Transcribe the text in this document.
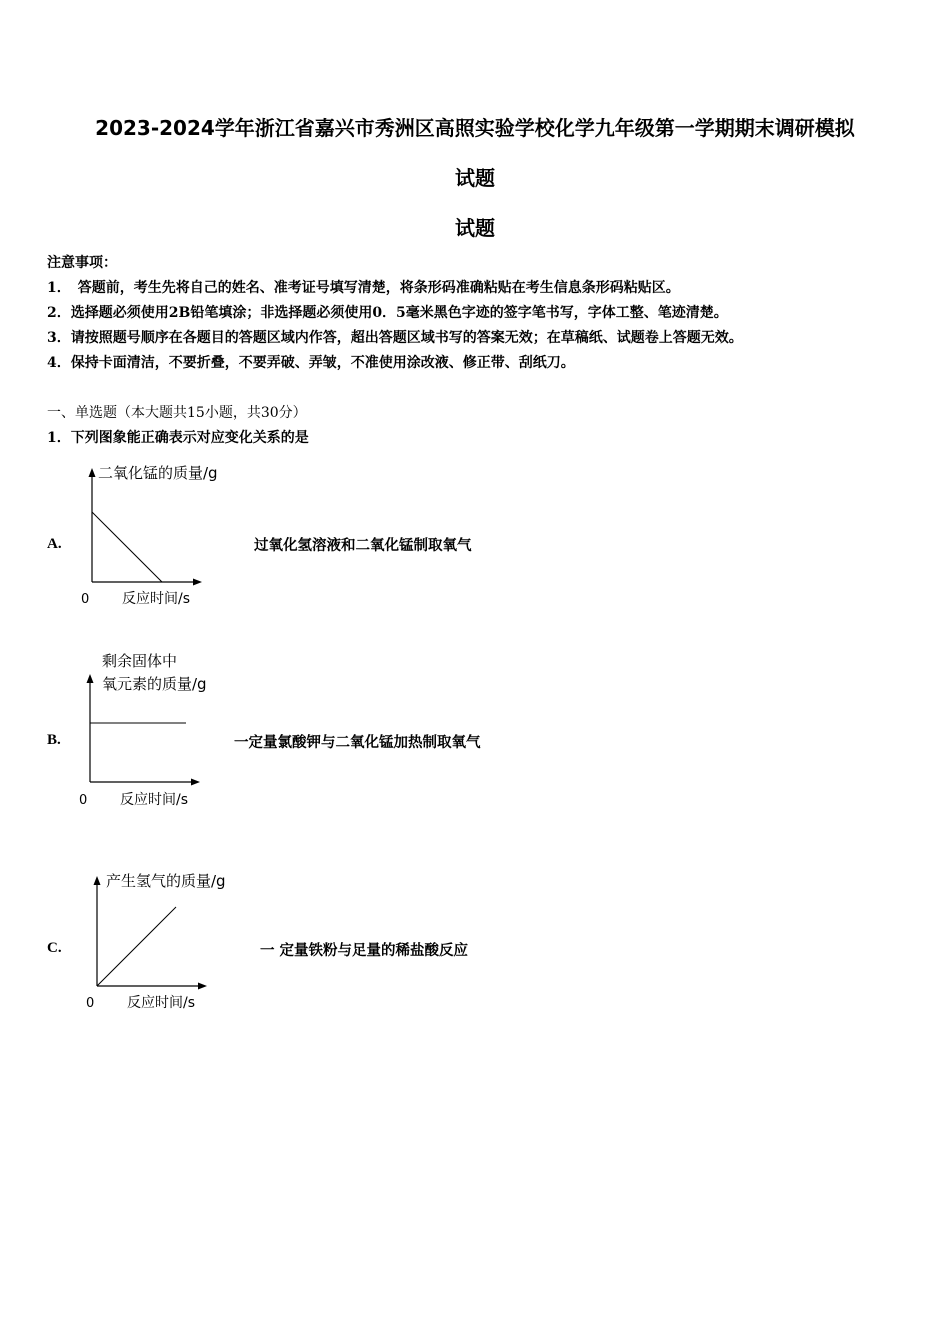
2023-2024学年浙江省嘉兴市秀洲区高照实验学校化学九年级第一学期期末调研模拟
试题
试题
注意事项：
1．　答题前，考生先将自己的姓名、准考证号填写清楚，将条形码准确粘贴在考生信息条形码粘贴区。
2．选择题必须使用2B铅笔填涂；非选择题必须使用0．5毫米黑色字迹的签字笔书写，字体工整、笔迹清楚。
3．请按照题号顺序在各题目的答题区域内作答，超出答题区域书写的答案无效；在草稿纸、试题卷上答题无效。
4．保持卡面清洁，不要折叠，不要弄破、弄皱，不准使用涂改液、修正带、刮纸刀。
一、单选题（本大题共15小题，共30分）
1．下列图象能正确表示对应变化关系的是
A.
二氧化锰的质量/g
0 反应时间/s
过氧化氢溶液和二氧化锰制取氧气
B.
剩余固体中
氧元素的质量/g
0 反应时间/s
一定量氯酸钾与二氧化锰加热制取氧气
C.
产生氢气的质量/g
0 反应时间/s
一 定量铁粉与足量的稀盐酸反应
